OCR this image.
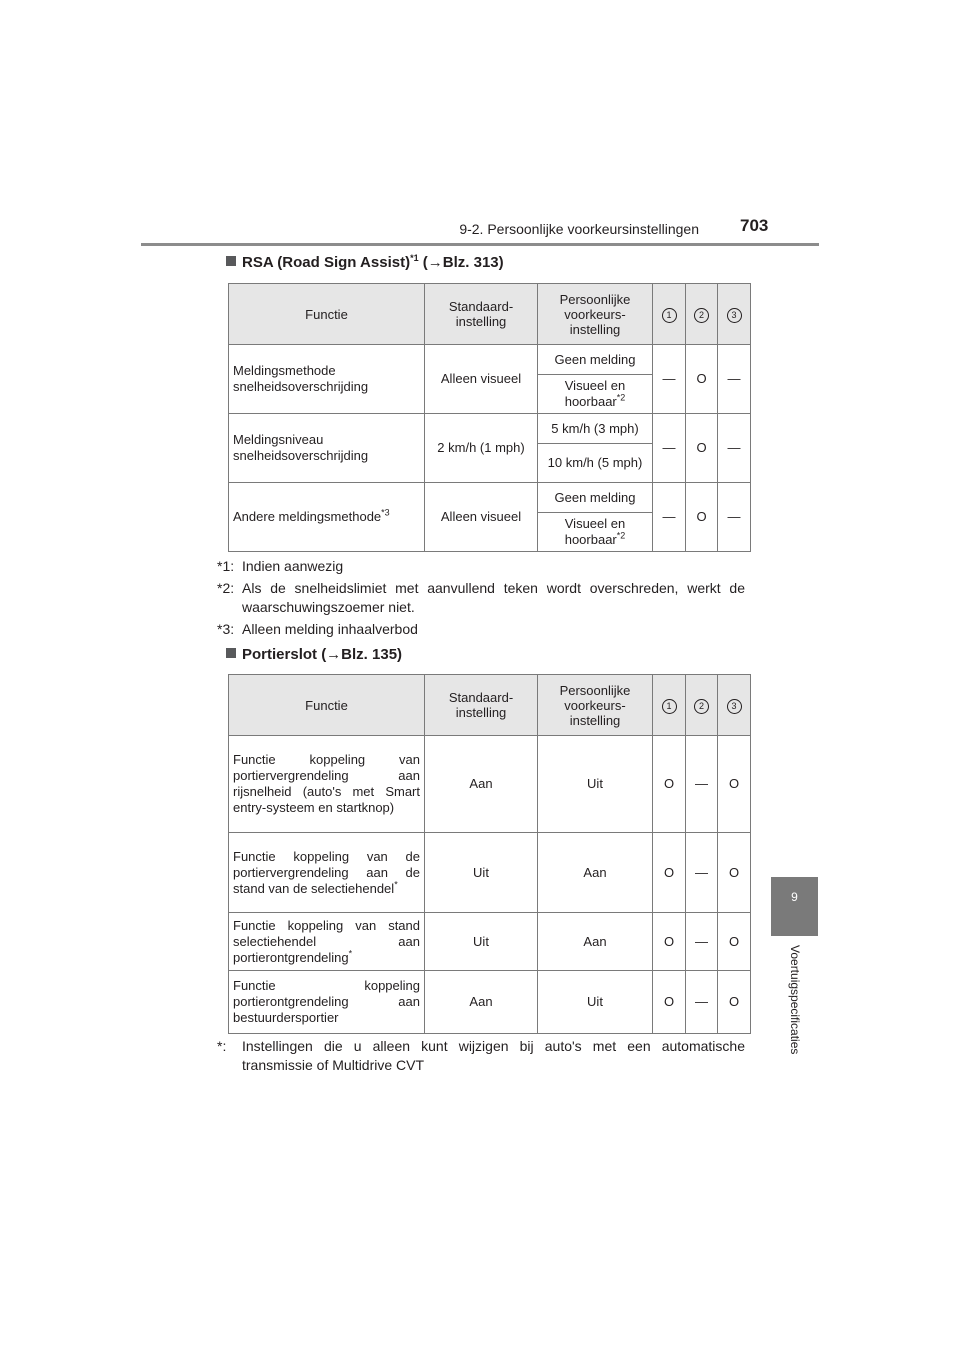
9-2. Persoonlijke voorkeursinstellingen 703
9
Voertuigspecificaties
RSA (Road Sign Assist)$^{*1}$ (→Blz. 313)
Functie	Standaard-instelling	Persoonlijke voorkeurs-instelling	1	2	3
Meldingsmethode snelheidsoverschrijding	Alleen visueel	Geen melding	—	O	—
		Visueel en hoorbaar$^{*2}$
Meldingsniveau snelheidsoverschrijding	2 km/h (1 mph)	5 km/h (3 mph)	—	O	—
		10 km/h (5 mph)			
Andere meldingsmethode$^{*3}$	Alleen visueel	Geen melding	—	O	—
		Visueel en hoorbaar$^{*2}$
*1: Indien aanwezig
*2: Als de snelheidslimiet met aanvullend teken wordt overschreden, werkt de waarschuwingszoemer niet.
*3: Alleen melding inhaalverbod
Portierslot (→Blz. 135)
Functie	Standaard-instelling	Persoonlijke voorkeurs-instelling	1	2	3
Functie koppeling van portiervergrendeling aan rijsnelheid (auto's met Smart entry-systeem en startknop)	Aan	Uit	O	—	O
Functie koppeling van de portiervergrendeling aan de stand van de selectiehendel*	Uit	Aan	O	—	O
Functie koppeling van stand selectiehendel aan portierontgrendeling*	Uit	Aan	O	—	O
Functie koppeling portierontgrendeling aan bestuurdersportier	Aan	Uit	O	—	O
*: Instellingen die u alleen kunt wijzigen bij auto's met een automatische transmissie of Multidrive CVT
